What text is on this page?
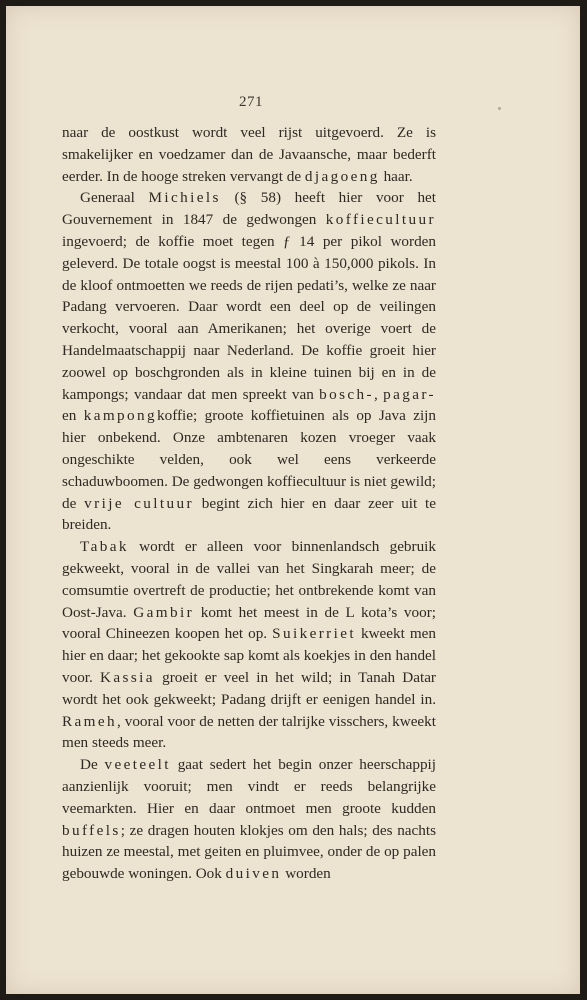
271

naar de oostkust wordt veel rijst uitgevoerd. Ze is smakelijker en voedzamer dan de Javaansche, maar bederft eerder. In de hooge streken vervangt de djagoeng haar.

Generaal Michiels (§ 58) heeft hier voor het Gouvernement in 1847 de gedwongen koffiecultuur ingevoerd; de koffie moet tegen ƒ 14 per pikol worden geleverd. De totale oogst is meestal 100 à 150,000 pikols. In de kloof ontmoetten we reeds de rijen pedati’s, welke ze naar Padang vervoeren. Daar wordt een deel op de veilingen verkocht, vooral aan Amerikanen; het overige voert de Handelmaatschappij naar Nederland. De koffie groeit hier zoowel op boschgronden als in kleine tuinen bij en in de kampongs; vandaar dat men spreekt van bosch-, pagar- en kampongkoffie; groote koffietuinen als op Java zijn hier onbekend. Onze ambtenaren kozen vroeger vaak ongeschikte velden, ook wel eens verkeerde schaduwboomen. De gedwongen koffiecultuur is niet gewild; de vrije cultuur begint zich hier en daar zeer uit te breiden.

Tabak wordt er alleen voor binnenlandsch gebruik gekweekt, vooral in de vallei van het Singkarah meer; de comsumtie overtreft de productie; het ontbrekende komt van Oost-Java. Gambir komt het meest in de L kota’s voor; vooral Chineezen koopen het op. Suikerriet kweekt men hier en daar; het gekookte sap komt als koekjes in den handel voor. Kassia groeit er veel in het wild; in Tanah Datar wordt het ook gekweekt; Padang drijft er eenigen handel in. Rameh, vooral voor de netten der talrijke visschers, kweekt men steeds meer.

De veeteelt gaat sedert het begin onzer heerschappij aanzienlijk vooruit; men vindt er reeds belangrijke veemarkten. Hier en daar ontmoet men groote kudden buffels; ze dragen houten klokjes om den hals; des nachts huizen ze meestal, met geiten en pluimvee, onder de op palen gebouwde woningen. Ook duiven worden
